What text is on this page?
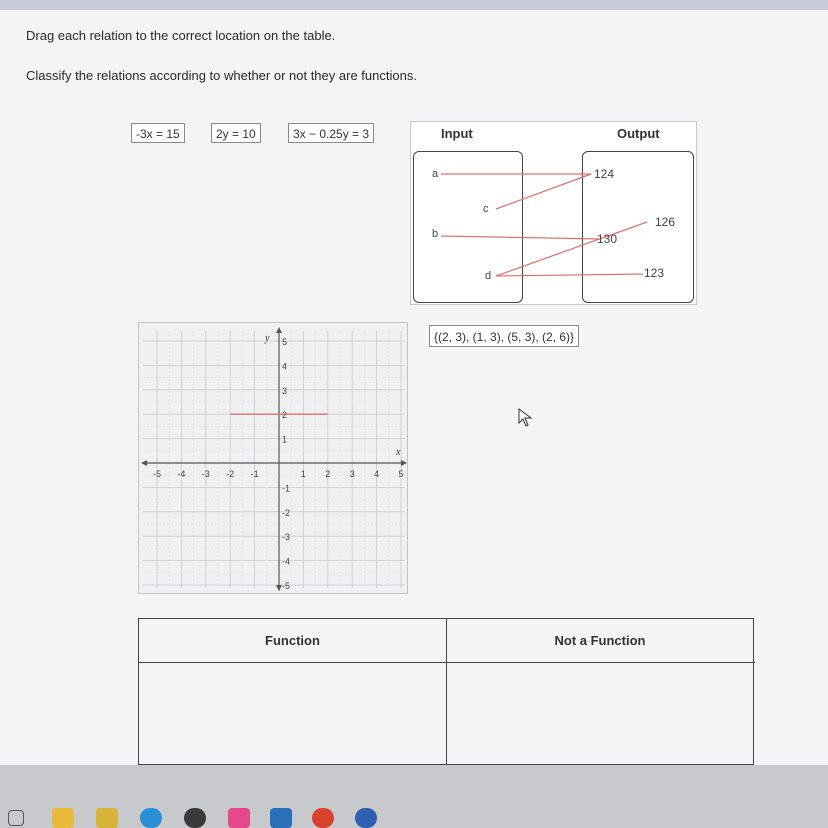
Drag each relation to the correct location on the table.
Classify the relations according to whether or not they are functions.
-3x = 15	2y = 10	3x − 0.25y = 3	Input	Output
a
c
b
d
124
126
130
123
-5 -4 -3 -2 -1	1 2 3 4 5
5
4
3
2
1
-1
-2
-3
-4
-5
x
y	{(2, 3), (1, 3), (5, 3), (2, 6)}
Function	Not a Function
